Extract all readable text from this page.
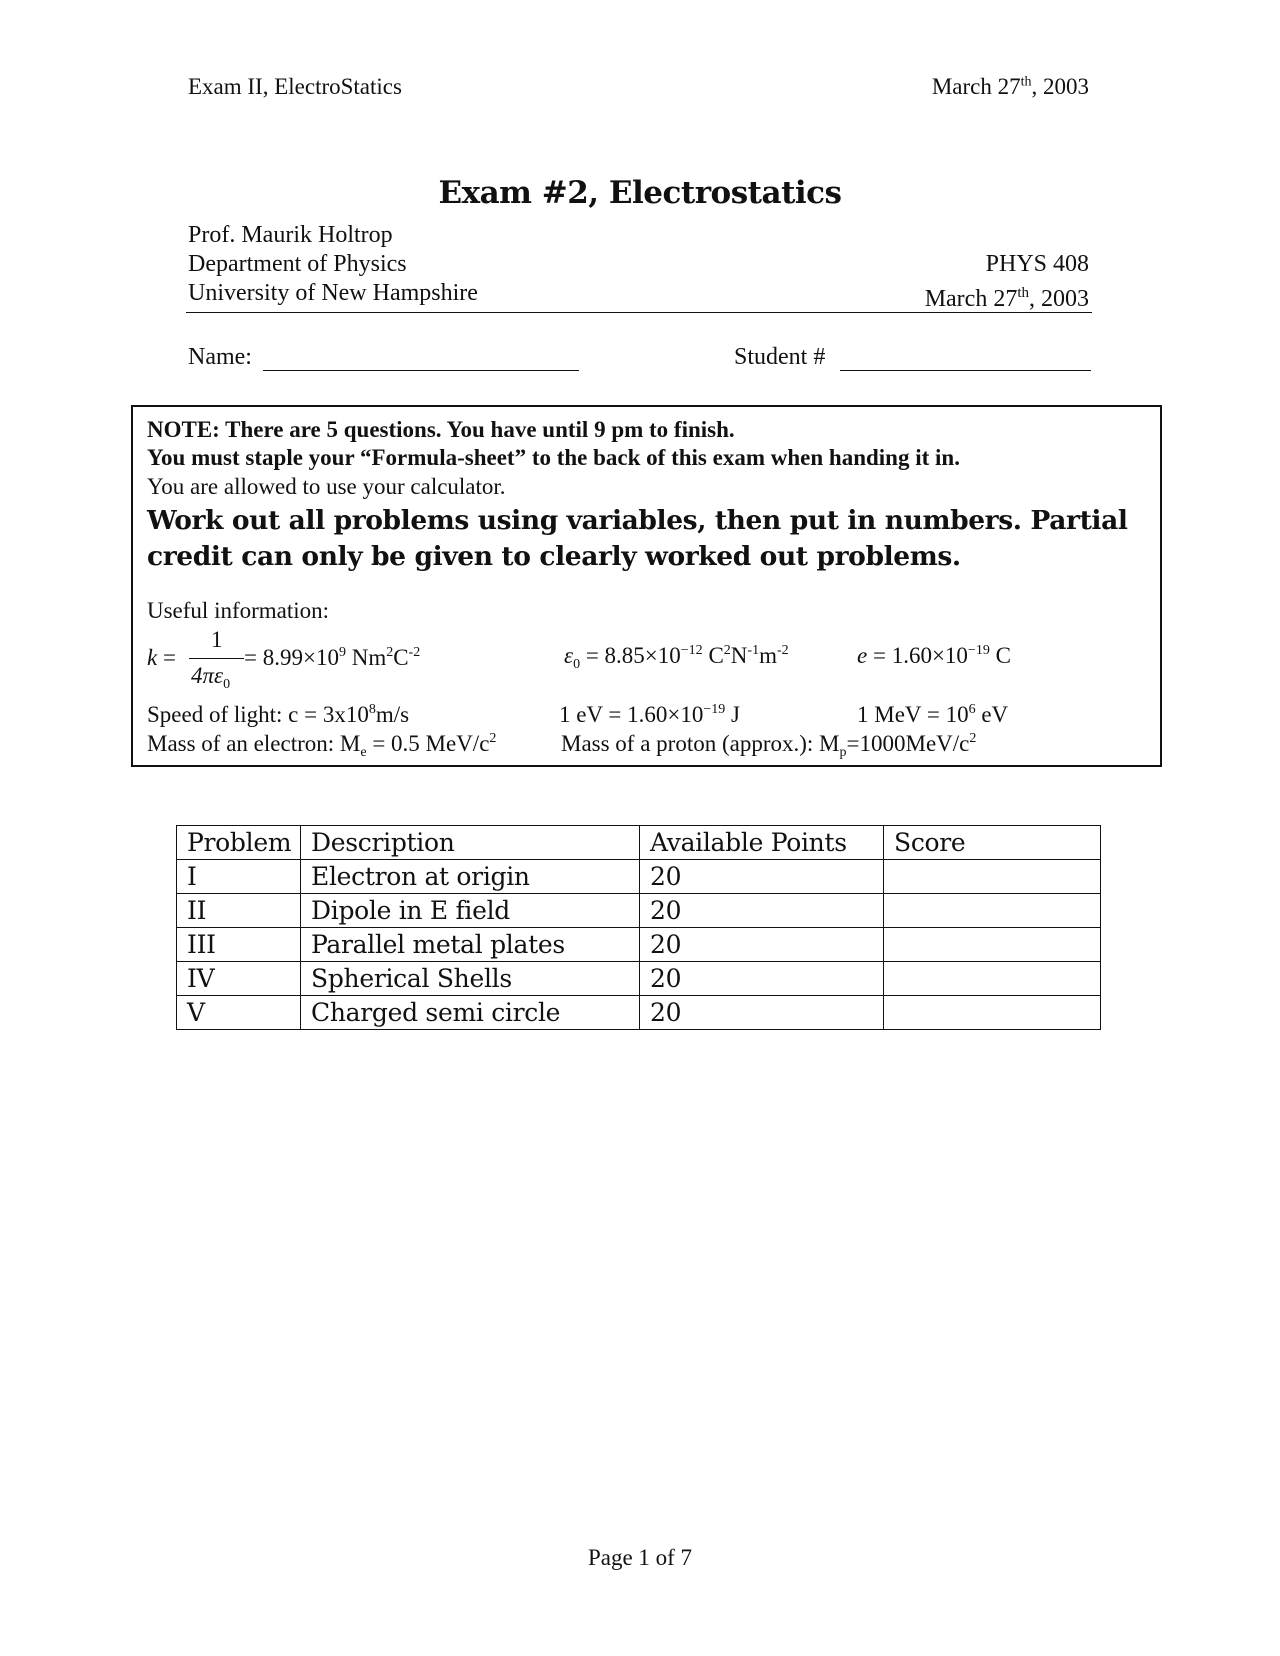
Exam II, ElectroStatics	March 27th, 2003
Exam #2, Electrostatics
Prof. Maurik Holtrop
Department of Physics
University of New Hampshire
PHYS 408
March 27th, 2003
Name:	Student #
NOTE: There are 5 questions. You have until 9 pm to finish.
You must staple your “Formula-sheet” to the back of this exam when handing it in.
You are allowed to use your calculator.
Work out all problems using variables, then put in numbers. Partial credit can only be given to clearly worked out problems.
Useful information:
k =
1
$4\pi\varepsilon_0$
= $8.99\times 10^9$ $Nm^2C^{-2}$	$\varepsilon_0 = 8.85\times 10^{-12}$ $C^2N^{-1}m^{-2}$	$e = 1.60\times 10^{-19}$ C
Speed of light: $c = 3x10^8m/s$	1 eV = $1.60\times 10^{-19}$ J	1 MeV = $10^6$ eV
Mass of an electron: $M_e = 0.5$ MeV/$c^2$	Mass of a proton (approx.): $M_p=1000MeV/c^2$
Problem	Description	Available Points	Score
I	Electron at origin	20	
II	Dipole in E field	20	
III	Parallel metal plates	20	
IV	Spherical Shells	20	
V	Charged semi circle	20	
Page 1 of 7
